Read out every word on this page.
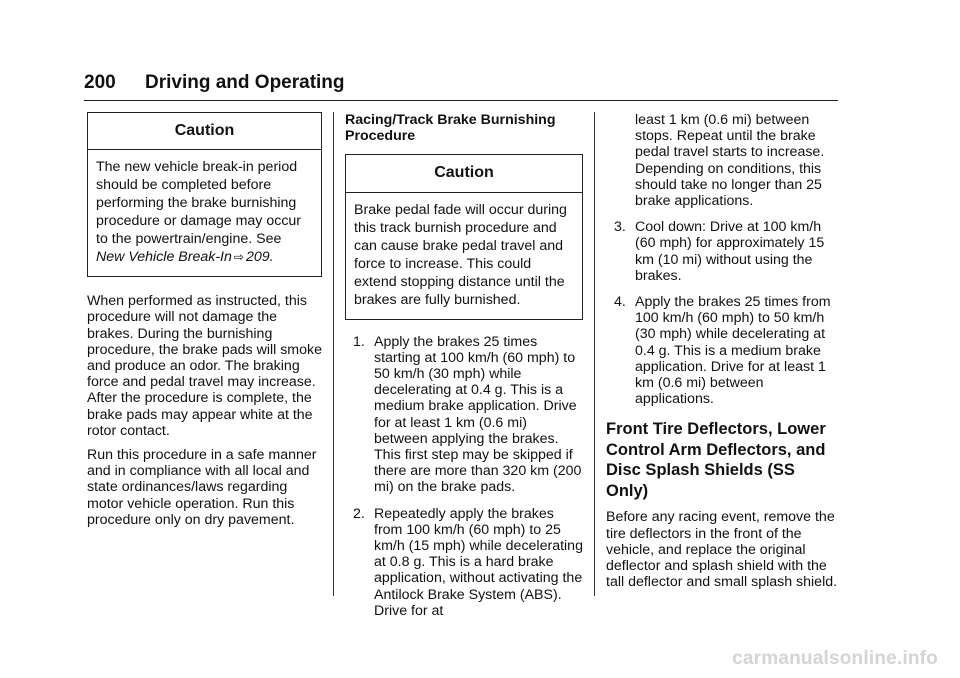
200 Driving and Operating
Caution
The new vehicle break-in period should be completed before performing the brake burnishing procedure or damage may occur to the powertrain/engine. See New Vehicle Break-In ⇨ 209.

When performed as instructed, this procedure will not damage the brakes. During the burnishing procedure, the brake pads will smoke and produce an odor. The braking force and pedal travel may increase. After the procedure is complete, the brake pads may appear white at the rotor contact.

Run this procedure in a safe manner and in compliance with all local and state ordinances/laws regarding motor vehicle operation. Run this procedure only on dry pavement.

Racing/Track Brake Burnishing Procedure

Caution
Brake pedal fade will occur during this track burnish procedure and can cause brake pedal travel and force to increase. This could extend stopping distance until the brakes are fully burnished.
1. Apply the brakes 25 times starting at 100 km/h (60 mph) to 50 km/h (30 mph) while decelerating at 0.4 g. This is a medium brake application. Drive for at least 1 km (0.6 mi) between applying the brakes. This first step may be skipped if there are more than 320 km (200 mi) on the brake pads.
2. Repeatedly apply the brakes from 100 km/h (60 mph) to 25 km/h (15 mph) while decelerating at 0.8 g. This is a hard brake application, without activating the Antilock Brake System (ABS). Drive for at

least 1 km (0.6 mi) between stops. Repeat until the brake pedal travel starts to increase. Depending on conditions, this should take no longer than 25 brake applications.

3. Cool down: Drive at 100 km/h (60 mph) for approximately 15 km (10 mi) without using the brakes.
4. Apply the brakes 25 times from 100 km/h (60 mph) to 50 km/h (30 mph) while decelerating at 0.4 g. This is a medium brake application. Drive for at least 1 km (0.6 mi) between applications.

Front Tire Deflectors, Lower Control Arm Deflectors, and Disc Splash Shields (SS Only)

Before any racing event, remove the tire deflectors in the front of the vehicle, and replace the original deflector and splash shield with the tall deflector and small splash shield.

carmanualsonline.info
